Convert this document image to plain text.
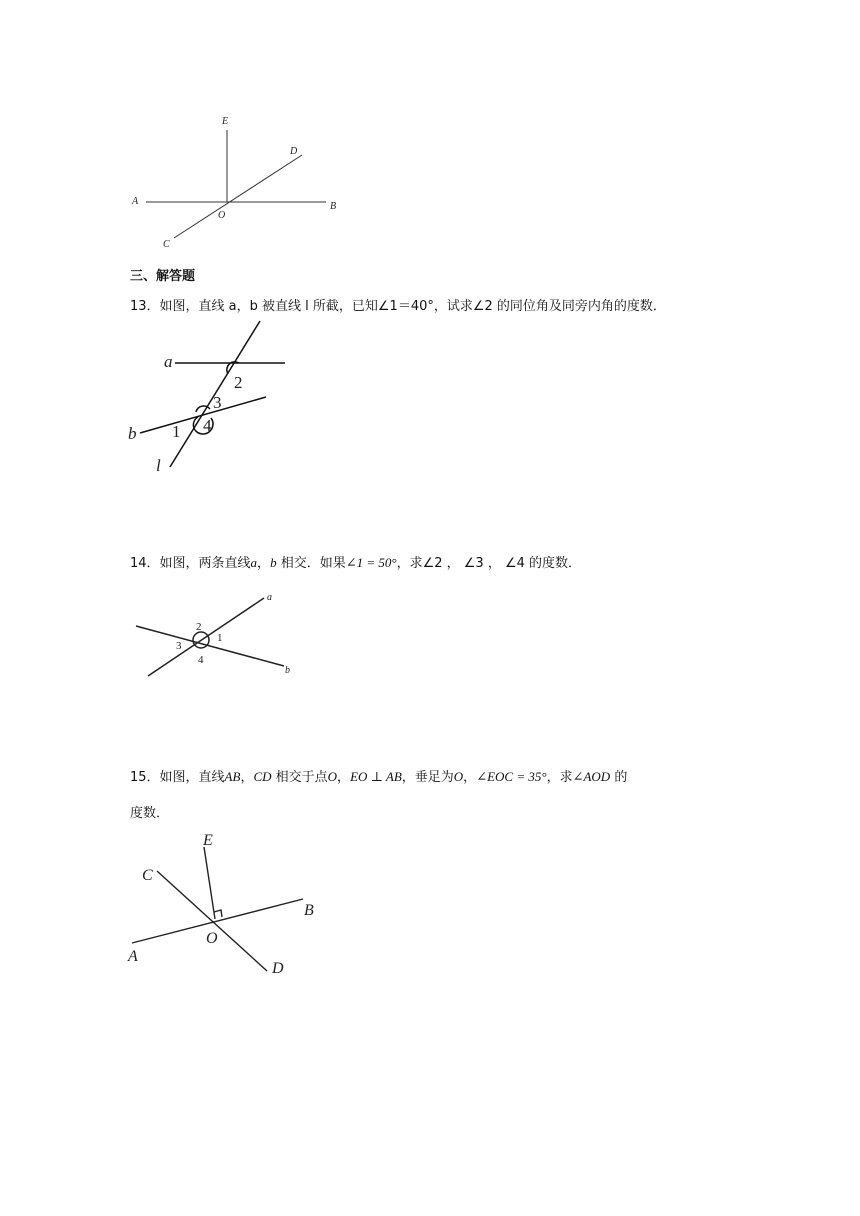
E
D
A
O
B
C
三、解答题
13．如图，直线 a，b 被直线 l 所截，已知∠1＝40°，试求∠2 的同位角及同旁内角的度数．
a
b
l
2
3
1 4
14．如图，两条直线a，b 相交．如果∠1 = 50°，求∠2 ， ∠3 ， ∠4 的度数．
a
b
2
1
3
4
15．如图，直线AB，CD 相交于点O，EO ⊥ AB，垂足为O，∠EOC = 35°，求∠AOD 的
度数．
E
C
B
O
A
D
